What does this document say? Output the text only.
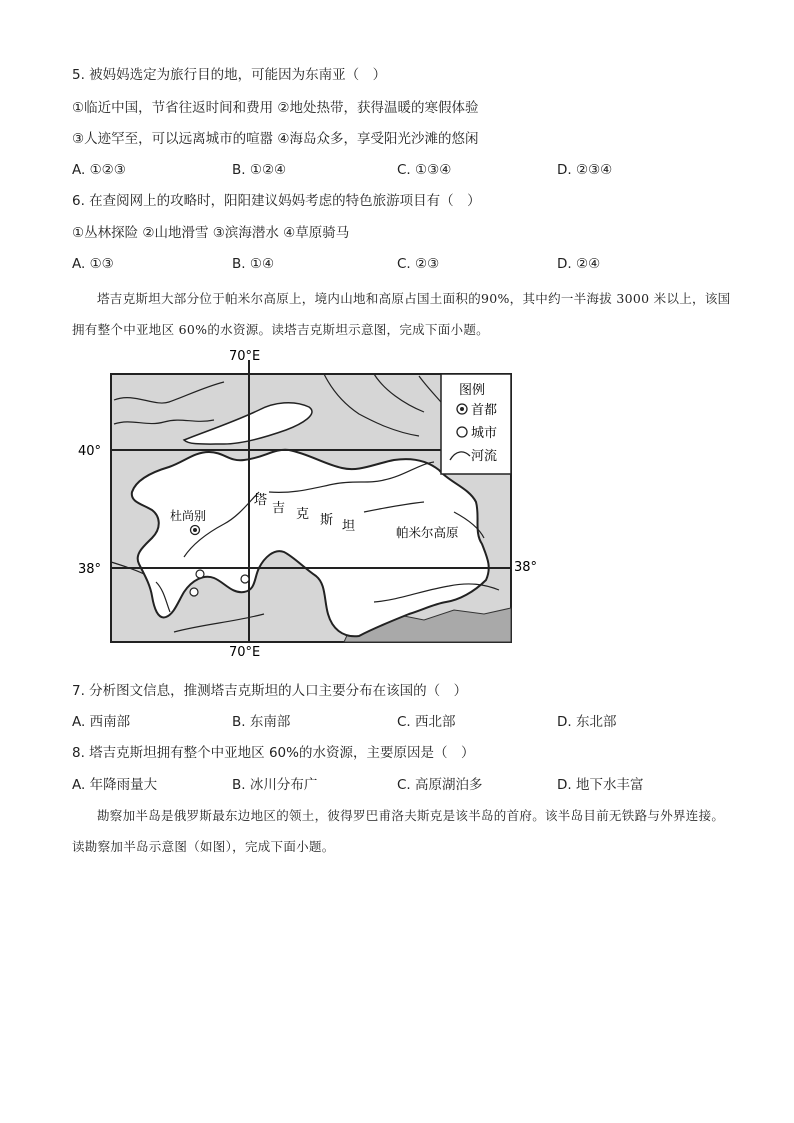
5. 被妈妈选定为旅行目的地，可能因为东南亚（　）
①临近中国，节省往返时间和费用 ②地处热带，获得温暖的寒假体验
③人迹罕至，可以远离城市的喧嚣 ④海岛众多，享受阳光沙滩的悠闲
A. ①②③	B. ①②④	C. ①③④	D. ②③④
6. 在查阅网上的攻略时，阳阳建议妈妈考虑的特色旅游项目有（　）
①丛林探险 ②山地滑雪 ③滨海潜水 ④草原骑马
A. ①③	B. ①④	C. ②③	D. ②④
塔吉克斯坦大部分位于帕米尔高原上，境内山地和高原占国土面积的90%，其中约一半海拔 3000 米以上，该国拥有整个中亚地区 60%的水资源。读塔吉克斯坦示意图，完成下面小题。
图例
首都
城市
河流
70°E
70°E
40°
38°	38°
杜尚别
帕米尔高原
塔
吉 克 斯 坦
7. 分析图文信息，推测塔吉克斯坦的人口主要分布在该国的（　）
A. 西南部	B. 东南部	C. 西北部	D. 东北部
8. 塔吉克斯坦拥有整个中亚地区 60%的水资源，主要原因是（　）
A. 年降雨量大	B. 冰川分布广	C. 高原湖泊多	D. 地下水丰富
勘察加半岛是俄罗斯最东边地区的领土，彼得罗巴甫洛夫斯克是该半岛的首府。该半岛目前无铁路与外界连接。读勘察加半岛示意图（如图），完成下面小题。
